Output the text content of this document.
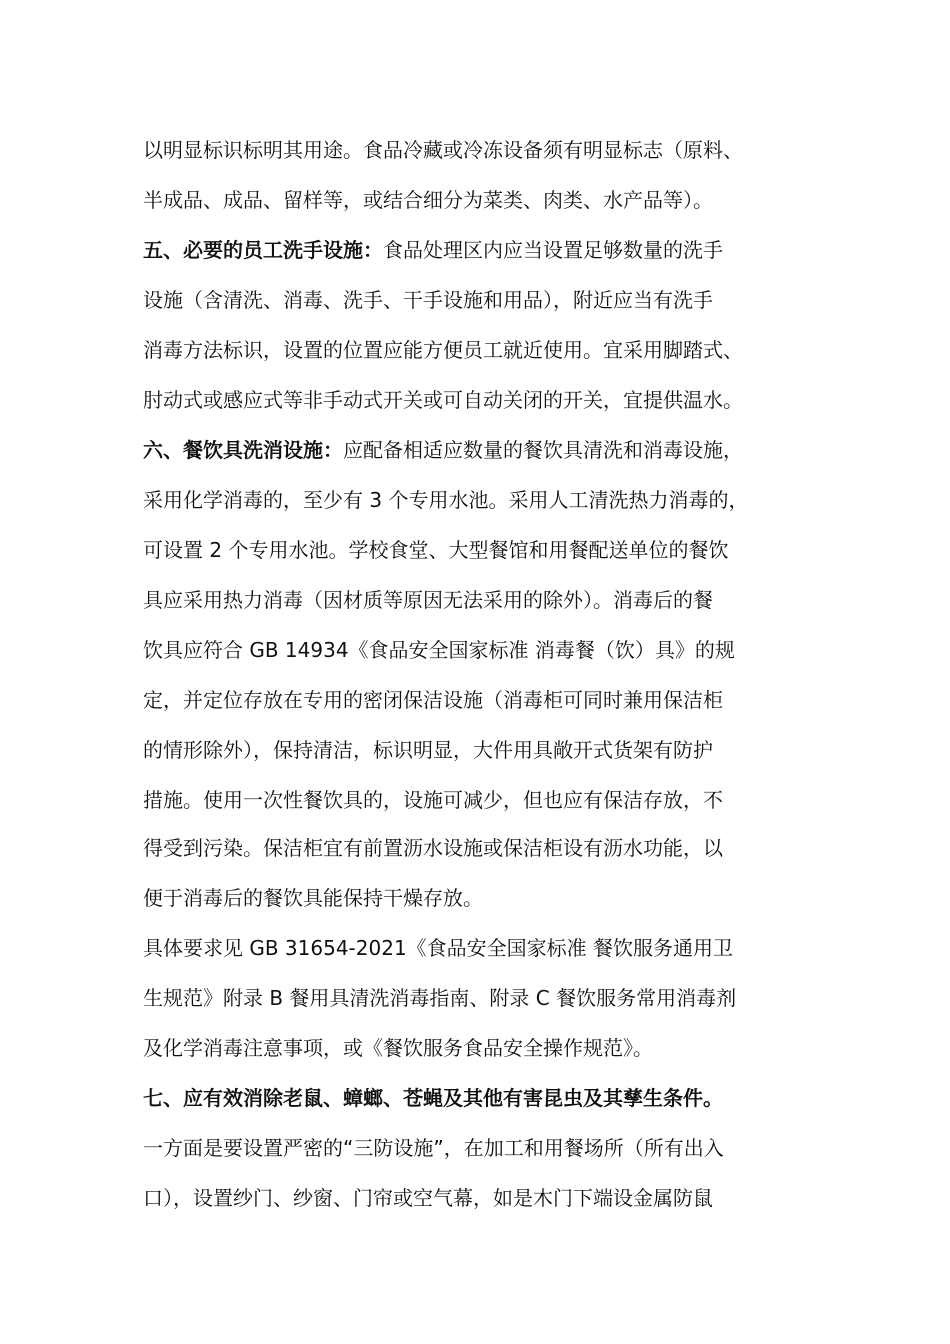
以明显标识标明其用途。食品冷藏或冷冻设备须有明显标志（原料、
半成品、成品、留样等，或结合细分为菜类、肉类、水产品等）。
五、必要的员工洗手设施：食品处理区内应当设置足够数量的洗手
设施（含清洗、消毒、洗手、干手设施和用品），附近应当有洗手
消毒方法标识，设置的位置应能方便员工就近使用。宜采用脚踏式、
肘动式或感应式等非手动式开关或可自动关闭的开关，宜提供温水。
六、餐饮具洗消设施：应配备相适应数量的餐饮具清洗和消毒设施，
采用化学消毒的，至少有 3 个专用水池。采用人工清洗热力消毒的，
可设置 2 个专用水池。学校食堂、大型餐馆和用餐配送单位的餐饮
具应采用热力消毒（因材质等原因无法采用的除外）。消毒后的餐
饮具应符合 GB 14934《食品安全国家标准 消毒餐（饮）具》的规
定，并定位存放在专用的密闭保洁设施（消毒柜可同时兼用保洁柜
的情形除外），保持清洁，标识明显，大件用具敞开式货架有防护
措施。使用一次性餐饮具的，设施可减少，但也应有保洁存放，不
得受到污染。保洁柜宜有前置沥水设施或保洁柜设有沥水功能，以
便于消毒后的餐饮具能保持干燥存放。
具体要求见 GB 31654-2021《食品安全国家标准 餐饮服务通用卫
生规范》附录 B 餐用具清洗消毒指南、附录 C 餐饮服务常用消毒剂
及化学消毒注意事项，或《餐饮服务食品安全操作规范》。
七、应有效消除老鼠、蟑螂、苍蝇及其他有害昆虫及其孳生条件。
一方面是要设置严密的“三防设施”，在加工和用餐场所（所有出入
口），设置纱门、纱窗、门帘或空气幕，如是木门下端设金属防鼠
